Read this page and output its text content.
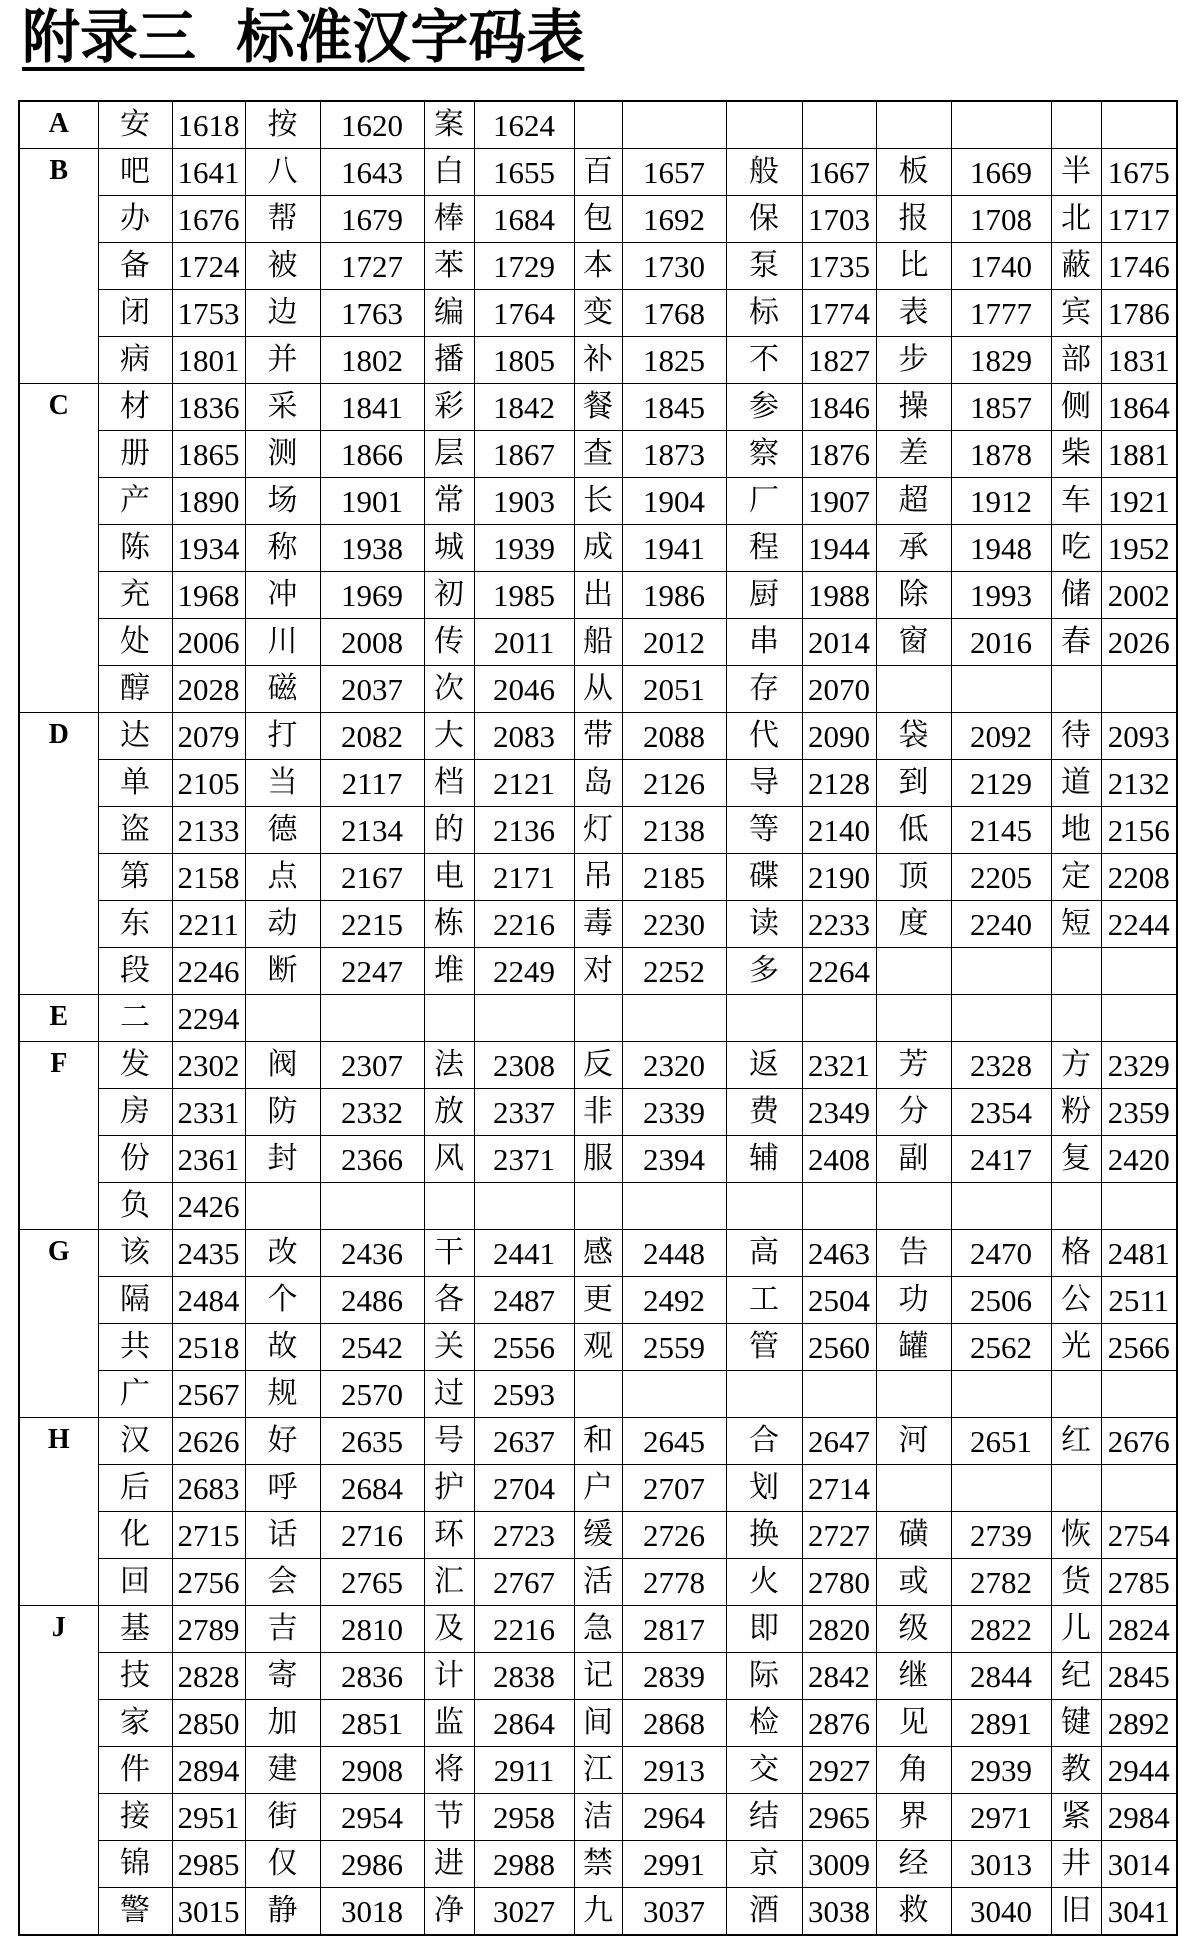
附录三  标准汉字码表
A	安	1618	按	1620	案	1624								
B	吧	1641	八	1643	白	1655	百	1657	般	1667	板	1669	半	1675
	办	1676	帮	1679	棒	1684	包	1692	保	1703	报	1708	北	1717
	备	1724	被	1727	苯	1729	本	1730	泵	1735	比	1740	蔽	1746
	闭	1753	边	1763	编	1764	变	1768	标	1774	表	1777	宾	1786
	病	1801	并	1802	播	1805	补	1825	不	1827	步	1829	部	1831
C	材	1836	采	1841	彩	1842	餐	1845	参	1846	操	1857	侧	1864
	册	1865	测	1866	层	1867	查	1873	察	1876	差	1878	柴	1881
	产	1890	场	1901	常	1903	长	1904	厂	1907	超	1912	车	1921
	陈	1934	称	1938	城	1939	成	1941	程	1944	承	1948	吃	1952
	充	1968	冲	1969	初	1985	出	1986	厨	1988	除	1993	储	2002
	处	2006	川	2008	传	2011	船	2012	串	2014	窗	2016	春	2026
	醇	2028	磁	2037	次	2046	从	2051	存	2070				
D	达	2079	打	2082	大	2083	带	2088	代	2090	袋	2092	待	2093
	单	2105	当	2117	档	2121	岛	2126	导	2128	到	2129	道	2132
	盗	2133	德	2134	的	2136	灯	2138	等	2140	低	2145	地	2156
	第	2158	点	2167	电	2171	吊	2185	碟	2190	顶	2205	定	2208
	东	2211	动	2215	栋	2216	毒	2230	读	2233	度	2240	短	2244
	段	2246	断	2247	堆	2249	对	2252	多	2264				
E	二	2294												
F	发	2302	阀	2307	法	2308	反	2320	返	2321	芳	2328	方	2329
	房	2331	防	2332	放	2337	非	2339	费	2349	分	2354	粉	2359
	份	2361	封	2366	风	2371	服	2394	辅	2408	副	2417	复	2420
	负	2426												
G	该	2435	改	2436	干	2441	感	2448	高	2463	告	2470	格	2481
	隔	2484	个	2486	各	2487	更	2492	工	2504	功	2506	公	2511
	共	2518	故	2542	关	2556	观	2559	管	2560	罐	2562	光	2566
	广	2567	规	2570	过	2593								
H	汉	2626	好	2635	号	2637	和	2645	合	2647	河	2651	红	2676
	后	2683	呼	2684	护	2704	户	2707	划	2714				
	化	2715	话	2716	环	2723	缓	2726	换	2727	磺	2739	恢	2754
	回	2756	会	2765	汇	2767	活	2778	火	2780	或	2782	货	2785
J	基	2789	吉	2810	及	2216	急	2817	即	2820	级	2822	儿	2824
	技	2828	寄	2836	计	2838	记	2839	际	2842	继	2844	纪	2845
	家	2850	加	2851	监	2864	间	2868	检	2876	见	2891	键	2892
	件	2894	建	2908	将	2911	江	2913	交	2927	角	2939	教	2944
	接	2951	街	2954	节	2958	洁	2964	结	2965	界	2971	紧	2984
	锦	2985	仅	2986	进	2988	禁	2991	京	3009	经	3013	井	3014
	警	3015	静	3018	净	3027	九	3037	酒	3038	救	3040	旧	3041
